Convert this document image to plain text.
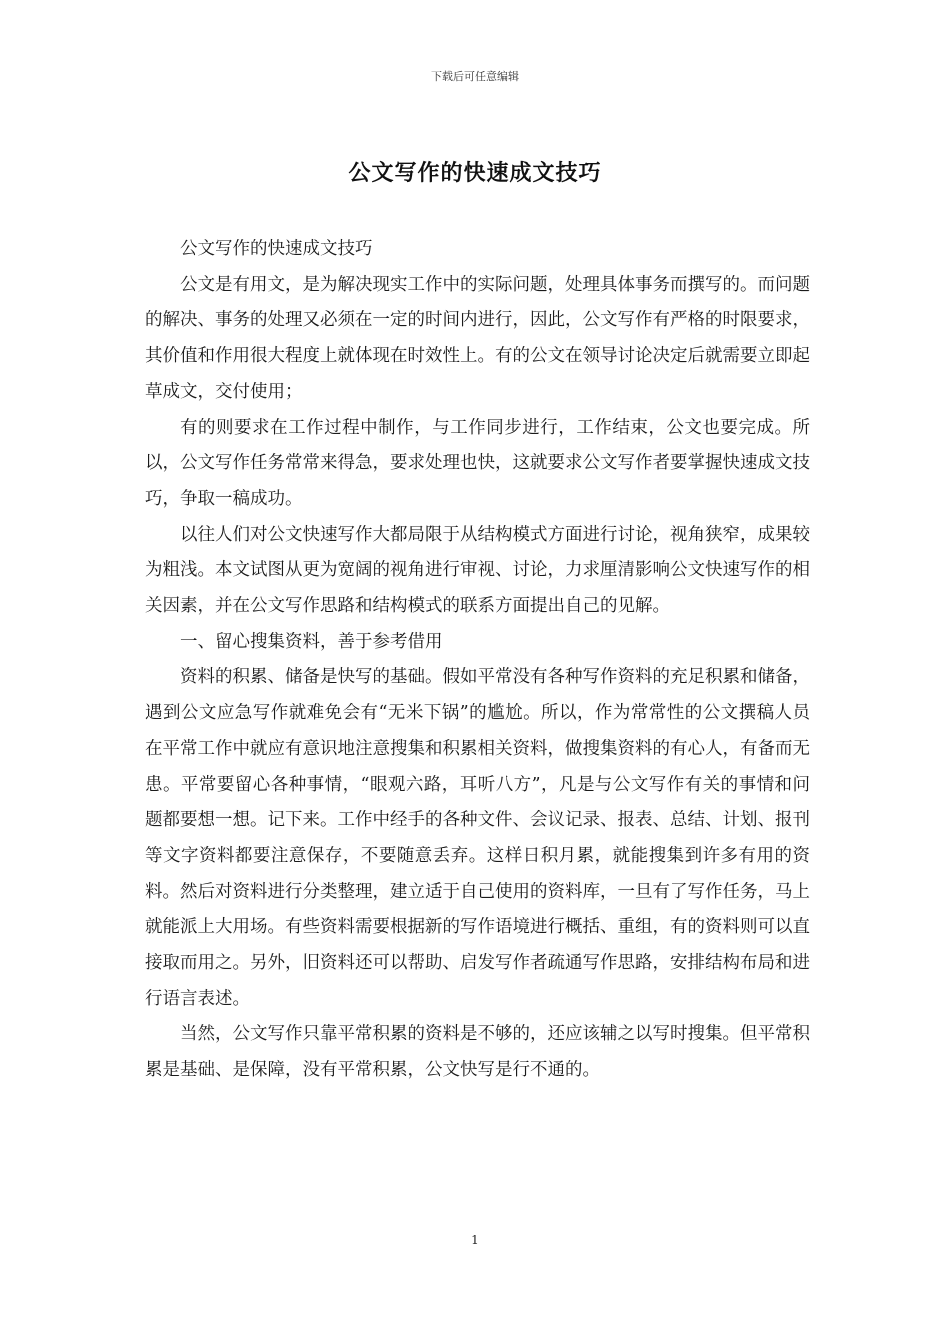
下载后可任意编辑
公文写作的快速成文技巧

公文写作的快速成文技巧

公文是有用文，是为解决现实工作中的实际问题，处理具体事务而撰写的。而问题的解决、事务的处理又必须在一定的时间内进行，因此，公文写作有严格的时限要求，其价值和作用很大程度上就体现在时效性上。有的公文在领导讨论决定后就需要立即起草成文，交付使用；

有的则要求在工作过程中制作，与工作同步进行，工作结束，公文也要完成。所以，公文写作任务常常来得急，要求处理也快，这就要求公文写作者要掌握快速成文技巧，争取一稿成功。

以往人们对公文快速写作大都局限于从结构模式方面进行讨论，视角狭窄，成果较为粗浅。本文试图从更为宽阔的视角进行审视、讨论，力求厘清影响公文快速写作的相关因素，并在公文写作思路和结构模式的联系方面提出自己的见解。

一、留心搜集资料，善于参考借用

资料的积累、储备是快写的基础。假如平常没有各种写作资料的充足积累和储备，遇到公文应急写作就难免会有“无米下锅”的尴尬。所以，作为常常性的公文撰稿人员在平常工作中就应有意识地注意搜集和积累相关资料，做搜集资料的有心人，有备而无患。平常要留心各种事情，“眼观六路，耳听八方”，凡是与公文写作有关的事情和问题都要想一想。记下来。工作中经手的各种文件、会议记录、报表、总结、计划、报刊等文字资料都要注意保存，不要随意丢弃。这样日积月累，就能搜集到许多有用的资料。然后对资料进行分类整理，建立适于自己使用的资料库，一旦有了写作任务，马上就能派上大用场。有些资料需要根据新的写作语境进行概括、重组，有的资料则可以直接取而用之。另外，旧资料还可以帮助、启发写作者疏通写作思路，安排结构布局和进行语言表述。

当然，公文写作只靠平常积累的资料是不够的，还应该辅之以写时搜集。但平常积累是基础、是保障，没有平常积累，公文快写是行不通的。

1
